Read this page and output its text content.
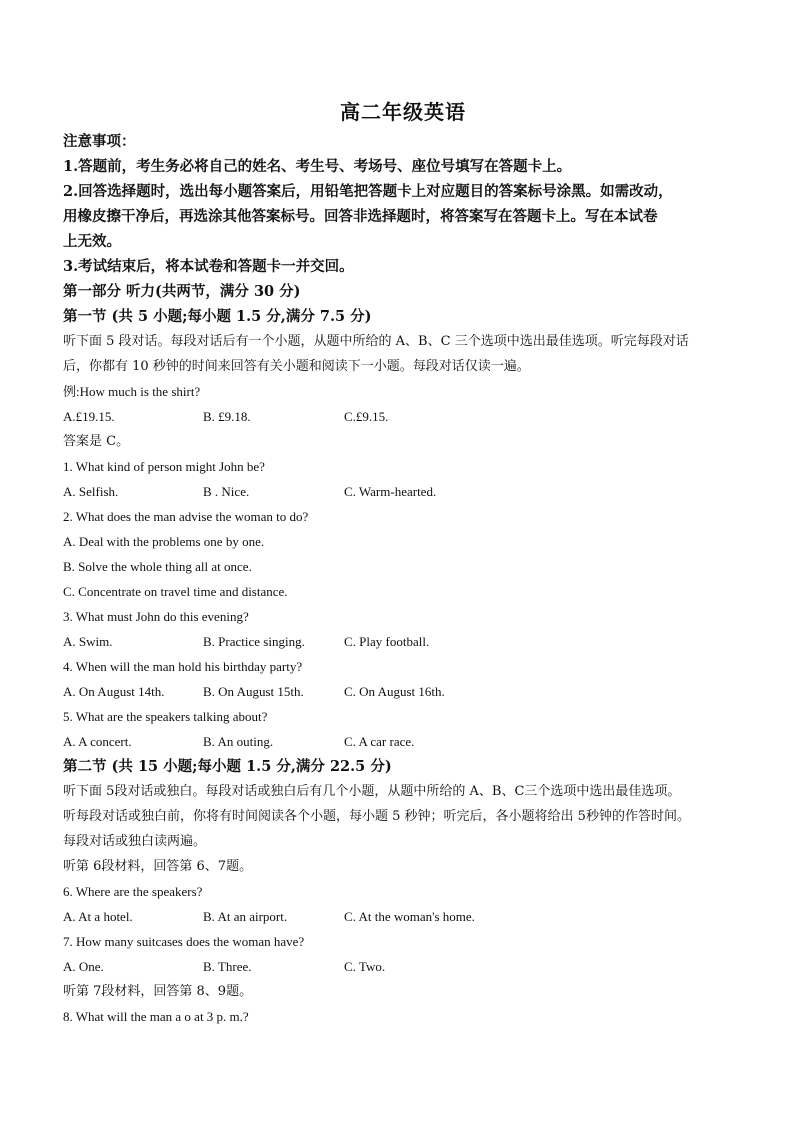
高二年级英语
注意事项：
1.答题前，考生务必将自己的姓名、考生号、考场号、座位号填写在答题卡上。
2.回答选择题时，选出每小题答案后，用铅笔把答题卡上对应题目的答案标号涂黑。如需改动，
用橡皮擦干净后，再选涂其他答案标号。回答非选择题时，将答案写在答题卡上。写在本试卷
上无效。
3.考试结束后，将本试卷和答题卡一并交回。
第一部分 听力(共两节，满分 30 分)
第一节 (共 5 小题;每小题 1.5 分,满分 7.5 分)
听下面 5 段对话。每段对话后有一个小题，从题中所给的 A、B、C 三个选项中选出最佳选项。听完每段对话
后，你都有 10 秒钟的时间来回答有关小题和阅读下一小题。每段对话仅读一遍。
例:How much is the shirt?
A.£19.15.	B. £9.18.	C.£9.15.
答案是 C。
1. What kind of person might John be?
A. Selfish.	B . Nice.	C. Warm-hearted.
2. What does the man advise the woman to do?
A. Deal with the problems one by one.
B. Solve the whole thing all at once.
C. Concentrate on travel time and distance.
3. What must John do this evening?
A. Swim.	B. Practice singing.	C. Play football.
4. When will the man hold his birthday party?
A. On August 14th.	B. On August 15th.	C. On August 16th.
5. What are the speakers talking about?
A. A concert.	B. An outing.	C. A car race.
第二节 (共 15 小题;每小题 1.5 分,满分 22.5 分)
听下面 5段对话或独白。每段对话或独白后有几个小题，从题中所给的 A、B、C三个选项中选出最佳选项。
听每段对话或独白前，你将有时间阅读各个小题，每小题 5 秒钟；听完后，各小题将给出 5秒钟的作答时间。
每段对话或独白读两遍。
听第 6段材料，回答第 6、7题。
6. Where are the speakers?
A. At a hotel.	B. At an airport.	C. At the woman's home.
7. How many suitcases does the woman have?
A. One.	B. Three.	C. Two.
听第 7段材料，回答第 8、9题。
8. What will the man a o at 3 p. m.?
